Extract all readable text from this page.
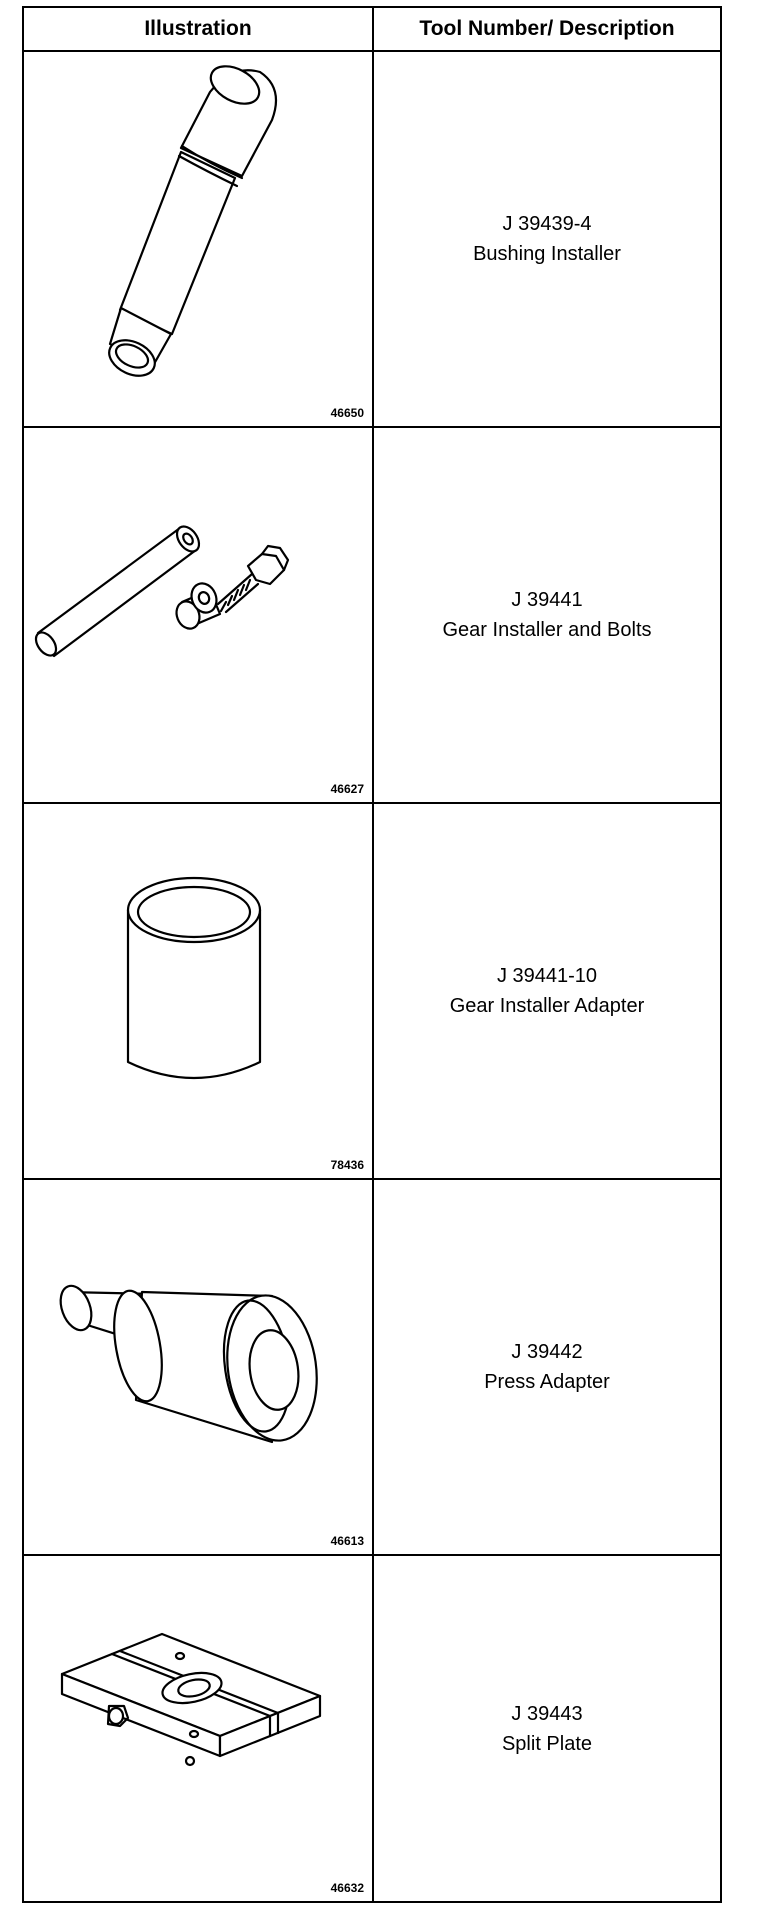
Illustration	Tool Number/ Description
46650
J 39439-4
Bushing Installer
46627
J 39441
Gear Installer and Bolts
78436
J 39441-10
Gear Installer Adapter
46613
J 39442
Press Adapter
46632
J 39443
Split Plate
